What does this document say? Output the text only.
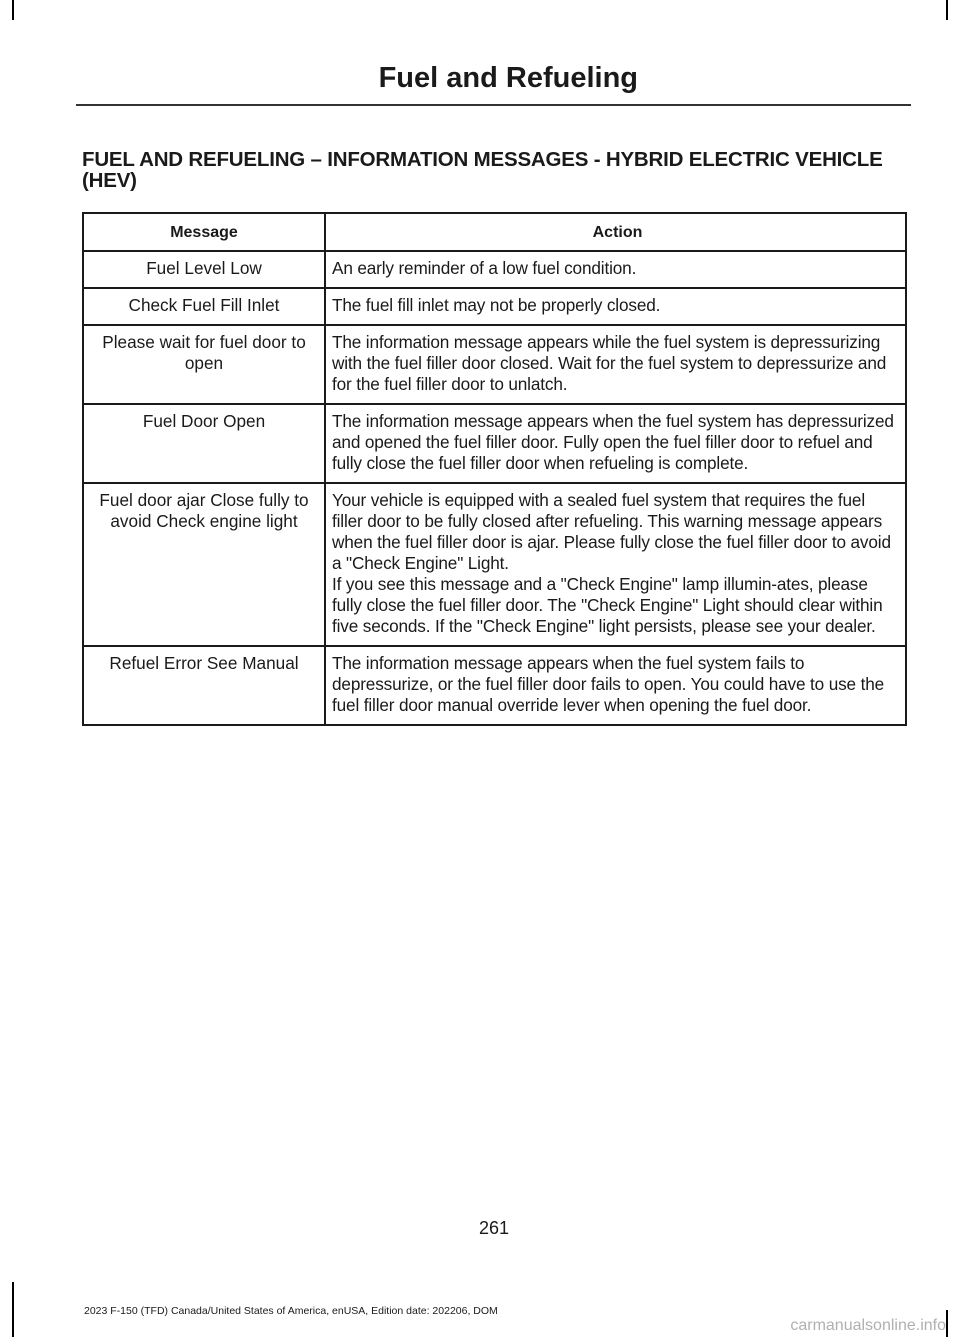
Fuel and Refueling
FUEL AND REFUELING – INFORMATION MESSAGES - HYBRID ELECTRIC VEHICLE (HEV)
Message	Action
Fuel Level Low	An early reminder of a low fuel condition.

Check Fuel Fill Inlet	The fuel fill inlet may not be properly closed.

Please wait for fuel door to open	The information message appears while the fuel system is depressurizing with the fuel filler door closed. Wait for the fuel system to depressurize and for the fuel filler door to unlatch.

Fuel Door Open	The information message appears when the fuel system has depressurized and opened the fuel filler door. Fully open the fuel filler door to refuel and fully close the fuel filler door when refueling is complete.

Fuel door ajar Close fully to avoid Check engine light	Your vehicle is equipped with a sealed fuel system that requires the fuel filler door to be fully closed after refueling. This warning message appears when the fuel filler door is ajar. Please fully close the fuel filler door to avoid a "Check Engine" Light.
If you see this message and a "Check Engine" lamp illumin-ates, please fully close the fuel filler door. The "Check Engine" Light should clear within five seconds. If the "Check Engine" light persists, please see your dealer.

Refuel Error See Manual	The information message appears when the fuel system fails to depressurize, or the fuel filler door fails to open. You could have to use the fuel filler door manual override lever when opening the fuel door.
261
2023 F-150 (TFD) Canada/United States of America, enUSA, Edition date: 202206, DOM
carmanualsonline.info
